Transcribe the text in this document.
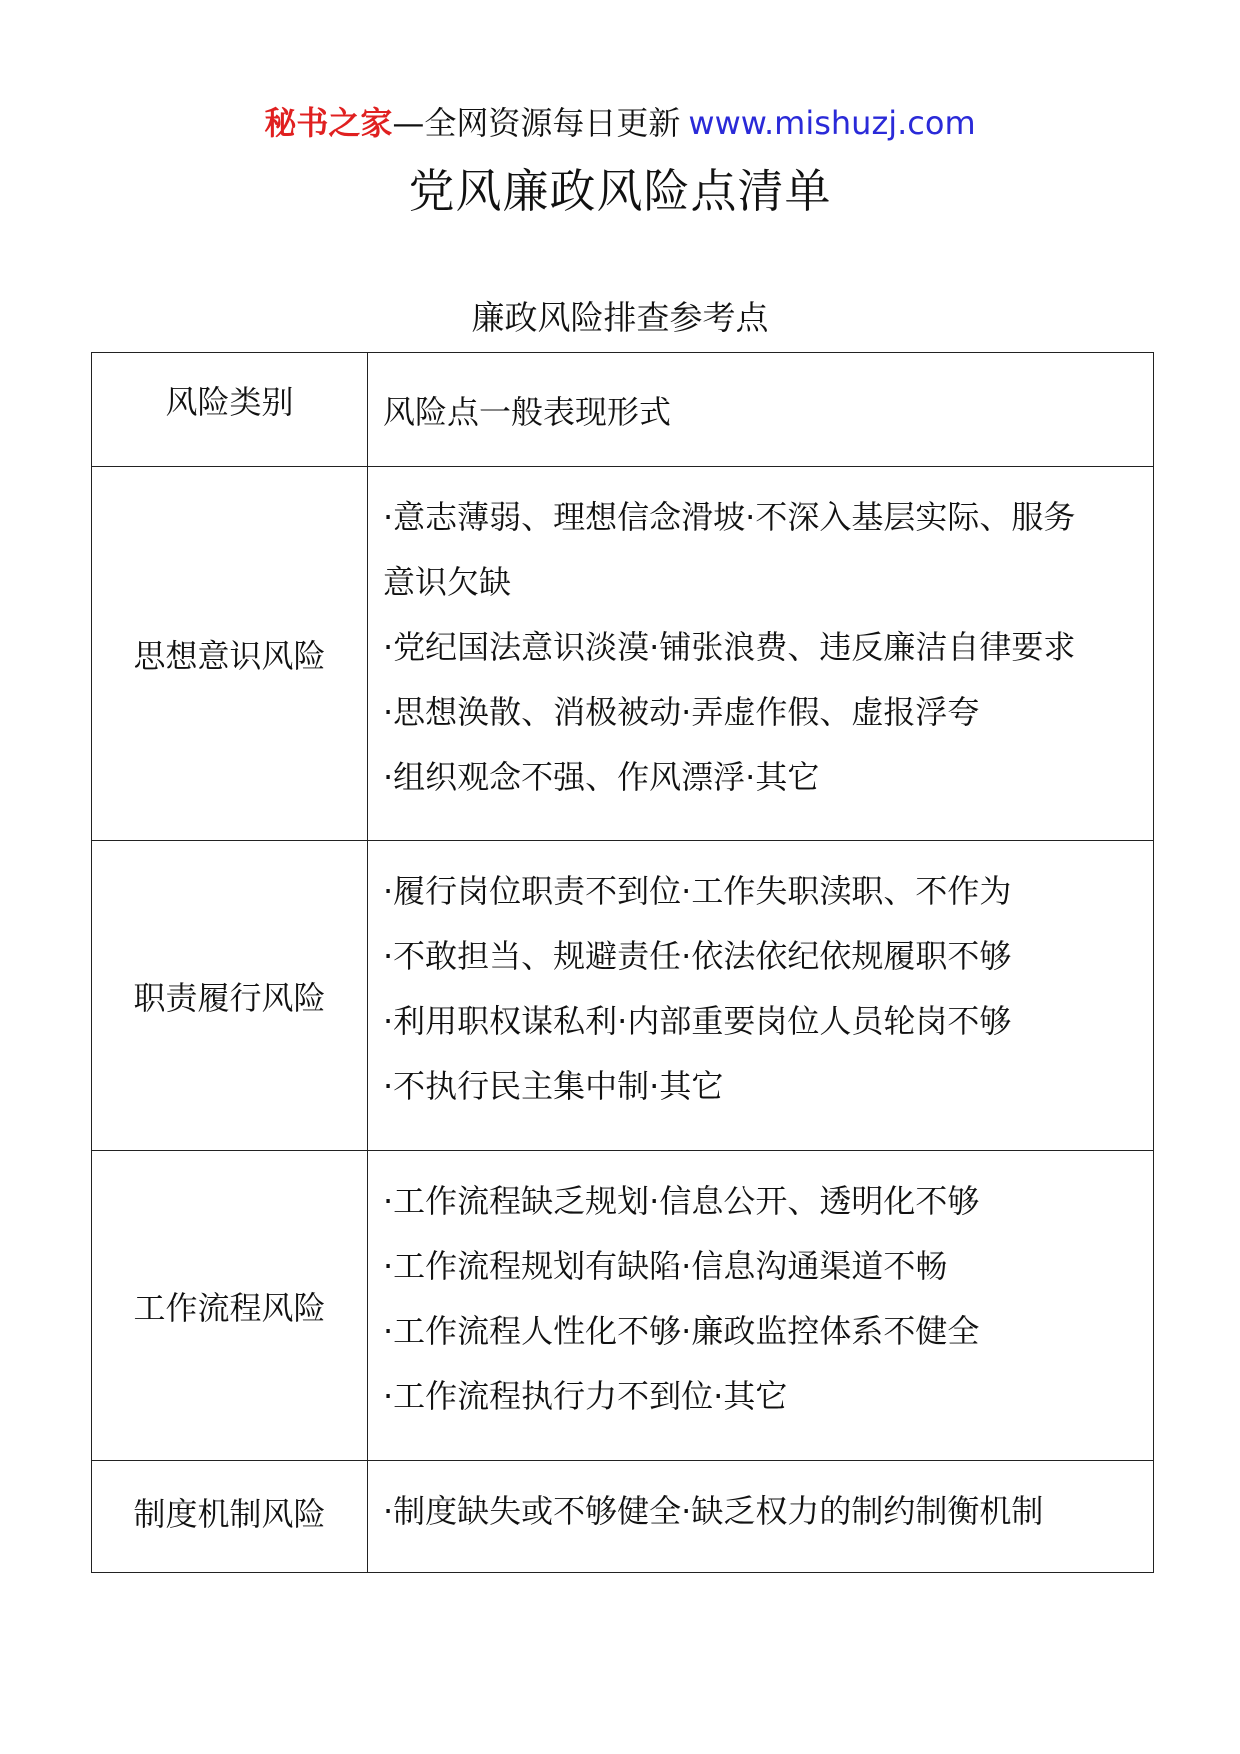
秘书之家—全网资源每日更新 www.mishuzj.com
党风廉政风险点清单
廉政风险排查参考点
风险类别	风险点一般表现形式
思想意识风险	·意志薄弱、理想信念滑坡·不深入基层实际、服务
意识欠缺
·党纪国法意识淡漠·铺张浪费、违反廉洁自律要求
·思想涣散、消极被动·弄虚作假、虚报浮夸
·组织观念不强、作风漂浮·其它

职责履行风险	·履行岗位职责不到位·工作失职渎职、不作为
·不敢担当、规避责任·依法依纪依规履职不够
·利用职权谋私利·内部重要岗位人员轮岗不够
·不执行民主集中制·其它

工作流程风险	·工作流程缺乏规划·信息公开、透明化不够
·工作流程规划有缺陷·信息沟通渠道不畅
·工作流程人性化不够·廉政监控体系不健全
·工作流程执行力不到位·其它

制度机制风险	·制度缺失或不够健全·缺乏权力的制约制衡机制
